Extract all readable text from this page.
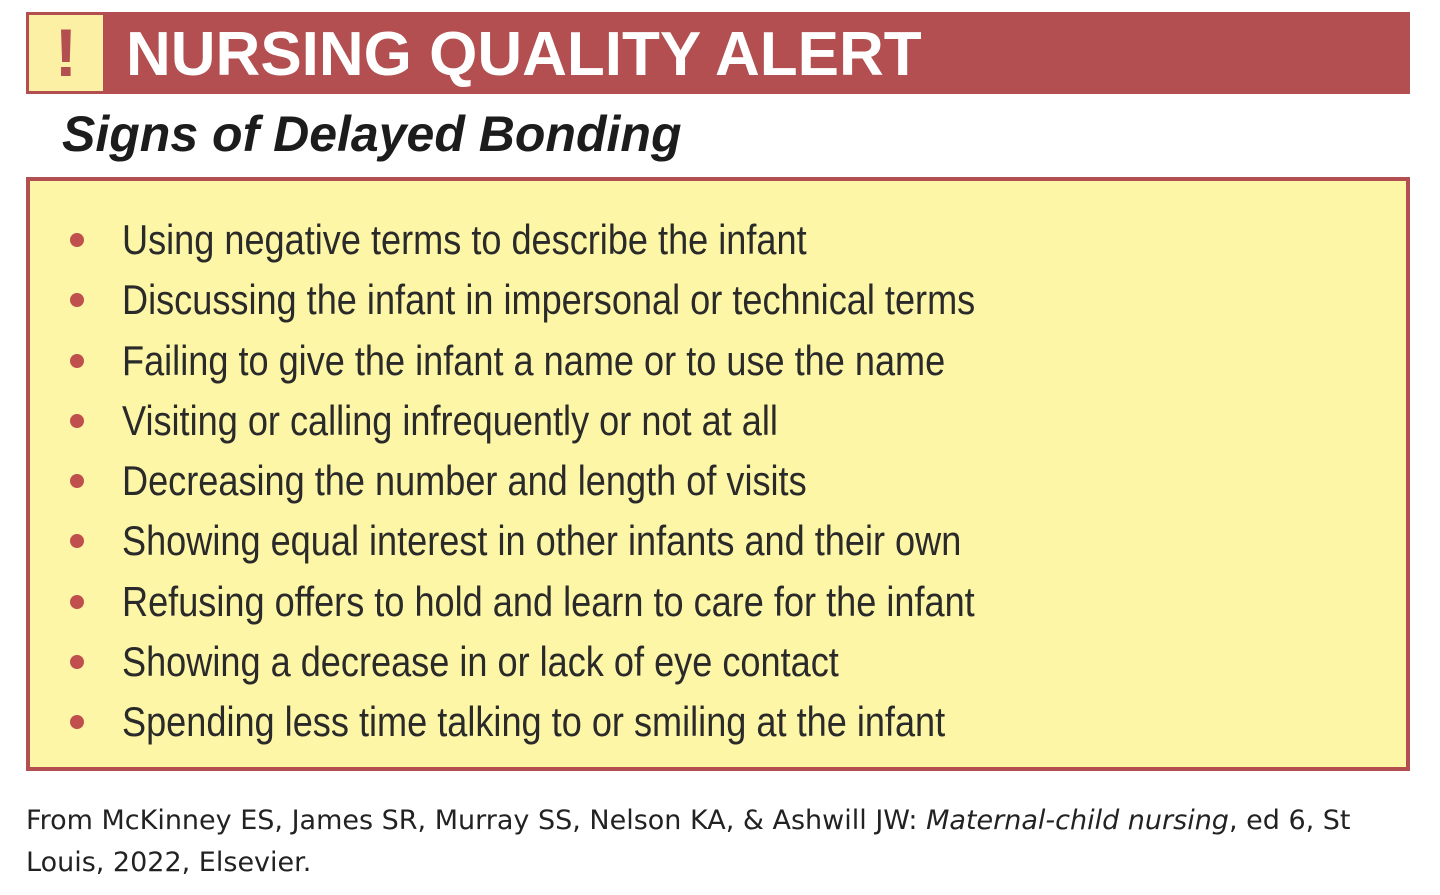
! NURSING QUALITY ALERT
Signs of Delayed Bonding
Using negative terms to describe the infant
Discussing the infant in impersonal or technical terms
Failing to give the infant a name or to use the name
Visiting or calling infrequently or not at all
Decreasing the number and length of visits
Showing equal interest in other infants and their own
Refusing offers to hold and learn to care for the infant
Showing a decrease in or lack of eye contact
Spending less time talking to or smiling at the infant
From McKinney ES, James SR, Murray SS, Nelson KA, & Ashwill JW: Maternal-child nursing, ed 6, St Louis, 2022, Elsevier.
